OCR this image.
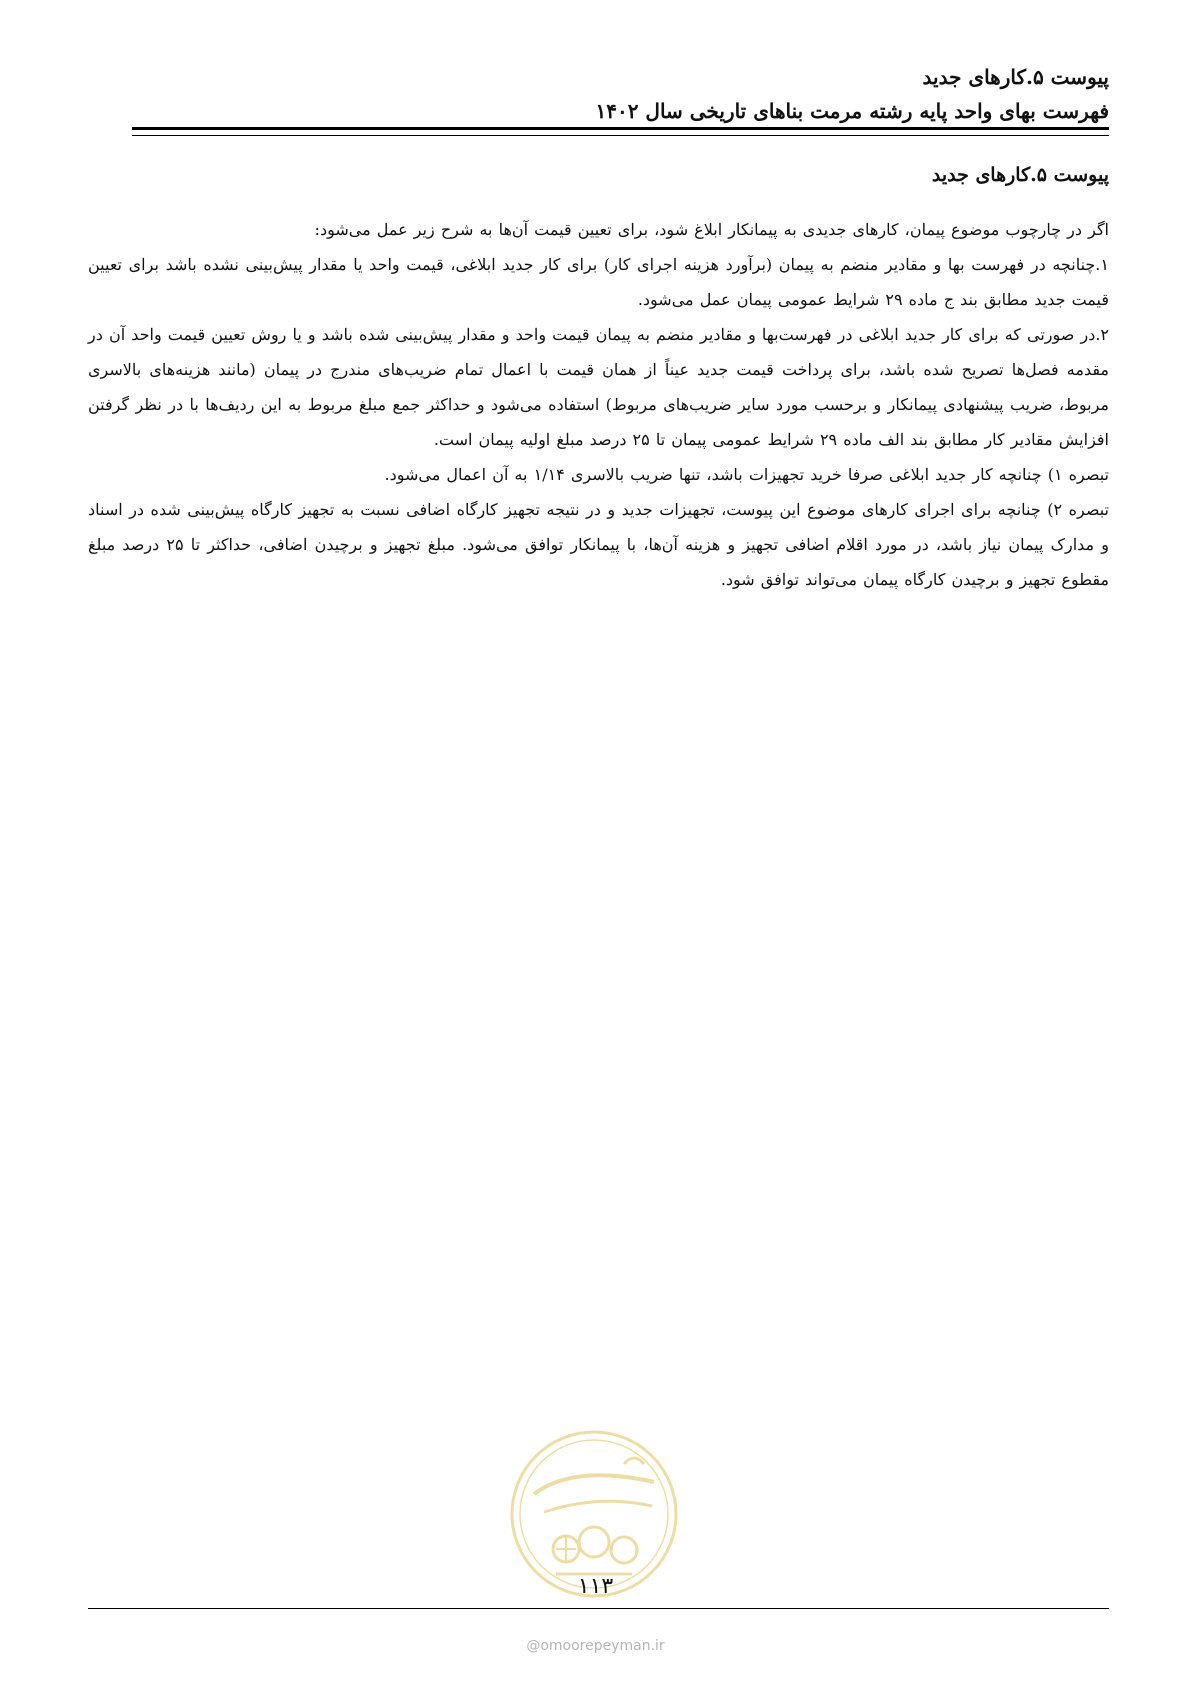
پیوست ۵.کارهای جدید
فهرست بهای واحد پایه رشته مرمت بناهای تاریخی سال ۱۴۰۲
پیوست ۵.کارهای جدید

اگر در چارچوب موضوع پیمان، کارهای جدیدی به پیمانکار ابلاغ شود، برای تعیین قیمت آن‌ها به شرح زیر عمل می‌شود:

۱.چنانچه در فهرست بها و مقادیر منضم به پیمان (برآورد هزینه اجرای کار) برای کار جدید ابلاغی، قیمت واحد یا مقدار پیش‌بینی نشده باشد برای تعیین قیمت جدید مطابق بند ج ماده ۲۹ شرایط عمومی پیمان عمل می‌شود.

۲.در صورتی که برای کار جدید ابلاغی در فهرست‌بها و مقادیر منضم به پیمان قیمت واحد و مقدار پیش‌بینی شده باشد و یا روش تعیین قیمت واحد آن در مقدمه فصل‌ها تصریح شده باشد، برای پرداخت قیمت جدید عیناً از همان قیمت با اعمال تمام ضریب‌های مندرج در پیمان (مانند هزینه‌های بالاسری مربوط، ضریب پیشنهادی پیمانکار و برحسب مورد سایر ضریب‌های مربوط) استفاده می‌شود و حداکثر جمع مبلغ مربوط به این ردیف‌ها با در نظر گرفتن افزایش مقادیر کار مطابق بند الف ماده ۲۹ شرایط عمومی پیمان تا ۲۵ درصد مبلغ اولیه پیمان است.

تبصره ۱) چنانچه کار جدید ابلاغی صرفا خرید تجهیزات باشد، تنها ضریب بالاسری ۱/۱۴ به آن اعمال می‌شود.

تبصره ۲) چنانچه برای اجرای کارهای موضوع این پیوست، تجهیزات جدید و در نتیجه تجهیز کارگاه اضافی نسبت به تجهیز کارگاه پیش‌بینی شده در اسناد و مدارک پیمان نیاز باشد، در مورد اقلام اضافی تجهیز و هزینه آن‌ها، با پیمانکار توافق می‌شود. مبلغ تجهیز و برچیدن اضافی، حداکثر تا ۲۵ درصد مبلغ مقطوع تجهیز و برچیدن کارگاه پیمان می‌تواند توافق شود.

۱۱۳
@omoorepeyman.ir
